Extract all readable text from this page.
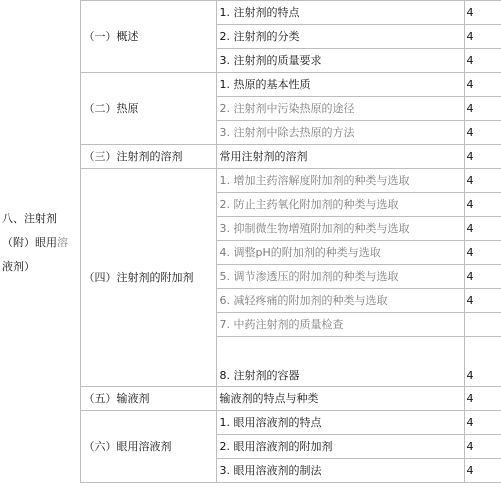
八、注射剂
（附）眼用溶
液剂）	（一）概述	1. 注射剂的特点	4
		2. 注射剂的分类	4
		3. 注射剂的质量要求	4
	（二）热原	1. 热原的基本性质	4
		2. 注射剂中污染热原的途径	4
		3. 注射剂中除去热原的方法	4
	（三）注射剂的溶剂	常用注射剂的溶剂	4
	（四）注射剂的附加剂	1. 增加主药溶解度附加剂的种类与选取	4
		2. 防止主药氧化附加剂的种类与选取	4
		3. 抑制微生物增殖附加剂的种类与选取	4
		4. 调整pH的附加剂的种类与选取	4
		5. 调节渗透压的附加剂的种类与选取	4
		6. 减轻疼痛的附加剂的种类与选取	4
		7. 中药注射剂的质量检查	
		8. 注射剂的容器	4

	（五）输液剂	输液剂的特点与种类	4
	（六）眼用溶液剂	1. 眼用溶液剂的特点	4
		2. 眼用溶液剂的附加剂	4
		3. 眼用溶液剂的制法	4
